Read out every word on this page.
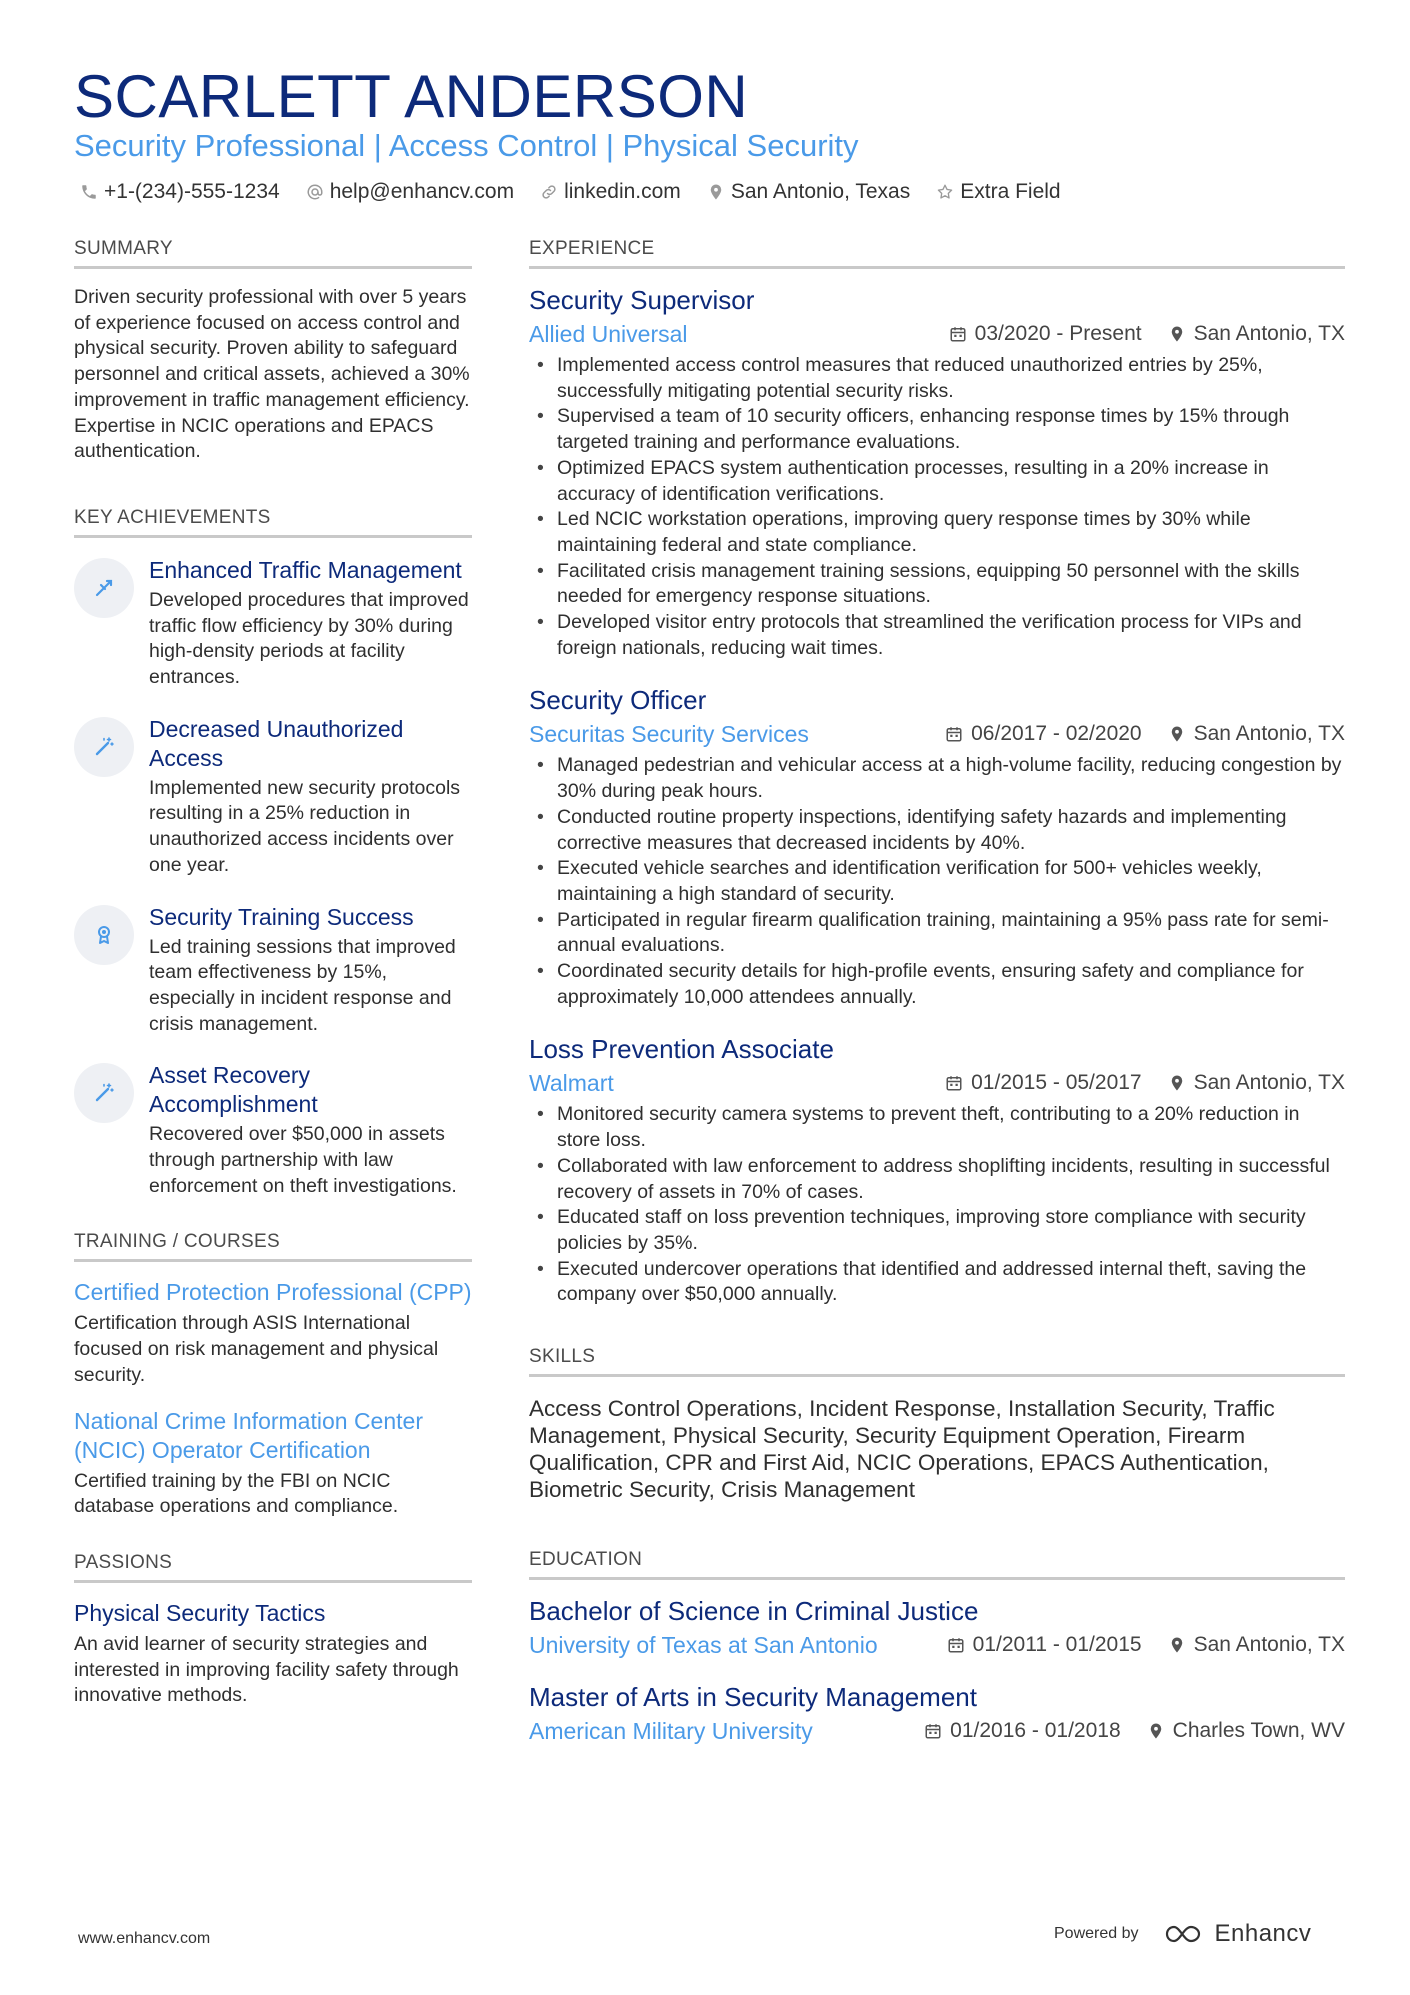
SCARLETT ANDERSON
Security Professional | Access Control | Physical Security
+1-(234)-555-1234 help@enhancv.com linkedin.com San Antonio, Texas Extra Field
SUMMARY
Driven security professional with over 5 years of experience focused on access control and physical security. Proven ability to safeguard personnel and critical assets, achieved a 30% improvement in traffic management efficiency. Expertise in NCIC operations and EPACS authentication.
KEY ACHIEVEMENTS
Enhanced Traffic Management
Developed procedures that improved traffic flow efficiency by 30% during high-density periods at facility entrances.
Decreased Unauthorized Access
Implemented new security protocols resulting in a 25% reduction in unauthorized access incidents over one year.
Security Training Success
Led training sessions that improved team effectiveness by 15%, especially in incident response and crisis management.
Asset Recovery Accomplishment
Recovered over $50,000 in assets through partnership with law enforcement on theft investigations.
TRAINING / COURSES
Certified Protection Professional (CPP)
Certification through ASIS International focused on risk management and physical security.
National Crime Information Center (NCIC) Operator Certification
Certified training by the FBI on NCIC database operations and compliance.
PASSIONS
Physical Security Tactics
An avid learner of security strategies and interested in improving facility safety through innovative methods.
EXPERIENCE
Security Supervisor
Allied Universal	03/2020 - Present San Antonio, TX
• Implemented access control measures that reduced unauthorized entries by 25%, successfully mitigating potential security risks.
• Supervised a team of 10 security officers, enhancing response times by 15% through targeted training and performance evaluations.
• Optimized EPACS system authentication processes, resulting in a 20% increase in accuracy of identification verifications.
• Led NCIC workstation operations, improving query response times by 30% while maintaining federal and state compliance.
• Facilitated crisis management training sessions, equipping 50 personnel with the skills needed for emergency response situations.
• Developed visitor entry protocols that streamlined the verification process for VIPs and foreign nationals, reducing wait times.
Security Officer
Securitas Security Services	06/2017 - 02/2020 San Antonio, TX
• Managed pedestrian and vehicular access at a high-volume facility, reducing congestion by 30% during peak hours.
• Conducted routine property inspections, identifying safety hazards and implementing corrective measures that decreased incidents by 40%.
• Executed vehicle searches and identification verification for 500+ vehicles weekly, maintaining a high standard of security.
• Participated in regular firearm qualification training, maintaining a 95% pass rate for semi-annual evaluations.
• Coordinated security details for high-profile events, ensuring safety and compliance for approximately 10,000 attendees annually.
Loss Prevention Associate
Walmart	01/2015 - 05/2017 San Antonio, TX
• Monitored security camera systems to prevent theft, contributing to a 20% reduction in store loss.
• Collaborated with law enforcement to address shoplifting incidents, resulting in successful recovery of assets in 70% of cases.
• Educated staff on loss prevention techniques, improving store compliance with security policies by 35%.
• Executed undercover operations that identified and addressed internal theft, saving the company over $50,000 annually.
SKILLS
Access Control Operations, Incident Response, Installation Security, Traffic Management, Physical Security, Security Equipment Operation, Firearm Qualification, CPR and First Aid, NCIC Operations, EPACS Authentication, Biometric Security, Crisis Management
EDUCATION
Bachelor of Science in Criminal Justice
University of Texas at San Antonio	01/2011 - 01/2015 San Antonio, TX
Master of Arts in Security Management
American Military University	01/2016 - 01/2018 Charles Town, WV
www.enhancv.com	Powered by	Enhancv
